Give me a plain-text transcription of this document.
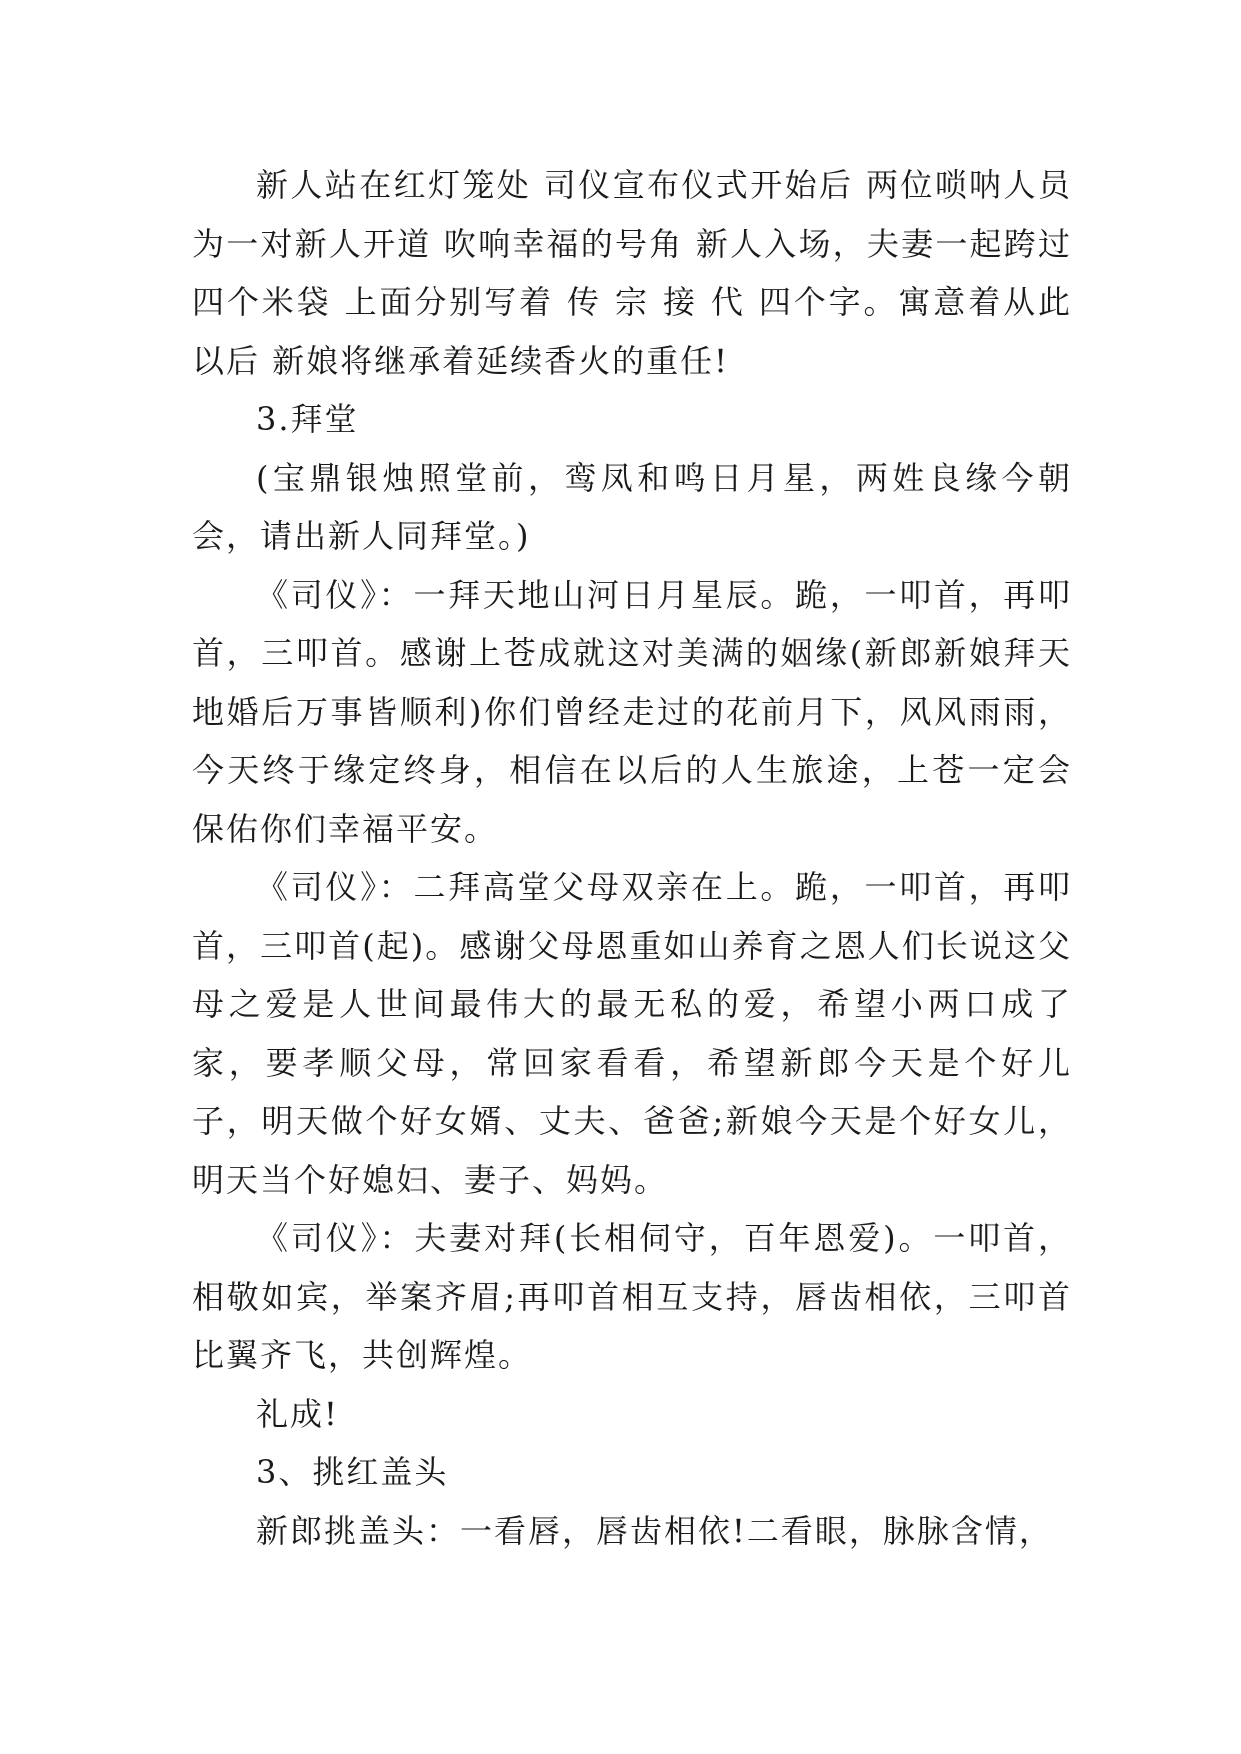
新人站在红灯笼处 司仪宣布仪式开始后 两位唢呐人员为一对新人开道 吹响幸福的号角 新人入场，夫妻一起跨过四个米袋 上面分别写着 传 宗 接 代 四个字。寓意着从此以后 新娘将继承着延续香火的重任!

3.拜堂

(宝鼎银烛照堂前，鸾凤和鸣日月星，两姓良缘今朝会，请出新人同拜堂。)

《司仪》：一拜天地山河日月星辰。跪，一叩首，再叩首，三叩首。感谢上苍成就这对美满的姻缘(新郎新娘拜天地婚后万事皆顺利)你们曾经走过的花前月下，风风雨雨，今天终于缘定终身，相信在以后的人生旅途，上苍一定会保佑你们幸福平安。

《司仪》：二拜高堂父母双亲在上。跪，一叩首，再叩首，三叩首(起)。感谢父母恩重如山养育之恩人们长说这父母之爱是人世间最伟大的最无私的爱，希望小两口成了家，要孝顺父母，常回家看看，希望新郎今天是个好儿子，明天做个好女婿、丈夫、爸爸;新娘今天是个好女儿，明天当个好媳妇、妻子、妈妈。

《司仪》：夫妻对拜(长相伺守，百年恩爱)。一叩首，相敬如宾，举案齐眉;再叩首相互支持，唇齿相依，三叩首比翼齐飞，共创辉煌。

礼成!

3、挑红盖头

新郎挑盖头：一看唇，唇齿相依!二看眼，脉脉含情，
